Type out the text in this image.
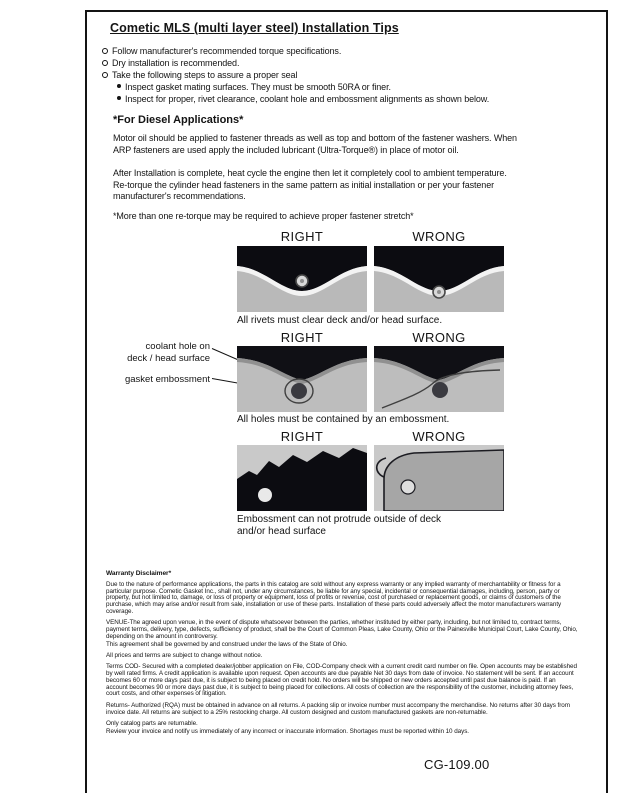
Cometic MLS (multi layer steel) Installation Tips
Follow manufacturer's recommended torque specifications.
Dry installation is recommended.
Take the following steps to assure a proper seal
Inspect gasket mating surfaces. They must be smooth 50RA or finer.
Inspect for proper, rivet clearance, coolant hole and embossment alignments as shown below.
*For Diesel Applications*
Motor oil should be applied to fastener threads as well as top and bottom of the fastener washers. When ARP fasteners are used apply the included lubricant (Ultra-Torque®) in place of motor oil.
After Installation is complete, heat cycle the engine then let it completely cool to ambient temperature. Re-torque the cylinder head fasteners in the same pattern as initial installation or per your fastener manufacturer's recommendations.
*More than one re-torque may be required to achieve proper fastener stretch*
RIGHT	WRONG
All rivets must clear deck and/or head surface.
RIGHT	WRONG
coolant hole on
deck / head surface
gasket embossment
All holes must be contained by an embossment.
RIGHT	WRONG
Embossment can not protrude outside of deck and/or head surface
Warranty Disclaimer*

Due to the nature of performance applications, the parts in this catalog are sold without any express warranty or any implied warranty of merchantability or fitness for a particular purpose. Cometic Gasket Inc., shall not, under any circumstances, be liable for any special, incidental or consequential damages, including, person, party or property, but not limited to, damage, or loss of property or equipment, loss of profits or revenue, cost of purchased or replacement goods, or claims of customers of the purchase, which may arise and/or result from sale, installation or use of these parts. Installation of these parts could adversely affect the motor manufacturers warranty coverage.

VENUE-The agreed upon venue, in the event of dispute whatsoever between the parties, whether instituted by either party, including, but not limited to, contract terms, payment terms, delivery, type, defects, sufficiency of product, shall be the Court of Common Pleas, Lake County, Ohio or the Painesville Municipal Court, Lake County, Ohio, depending on the amount in controversy.

This agreement shall be governed by and construed under the laws of the State of Ohio.

All prices and terms are subject to change without notice.

Terms COD- Secured with a completed dealer/jobber application on File, COD-Company check with a current credit card number on file. Open accounts may be established by well rated firms. A credit application is available upon request. Open accounts are due payable Net 30 days from date of invoice. No statement will be sent. If an account becomes 60 or more days past due, it is subject to being placed on credit hold. No orders will be shipped or new orders accepted until past due balance is paid. If an account becomes 90 or more days past due, it is subject to being placed for collections. All costs of collection are the responsibility of the customer, including attorney fees, court costs, and other expenses of litigation.

Returns- Authorized (RQA) must be obtained in advance on all returns. A packing slip or invoice number must accompany the merchandise. No returns after 30 days from invoice date. All returns are subject to a 25% restocking charge. All custom designed and custom manufactured gaskets are non-returnable.

Only catalog parts are returnable.

Review your invoice and notify us immediately of any incorrect or inaccurate information. Shortages must be reported within 10 days.

CG-109.00
